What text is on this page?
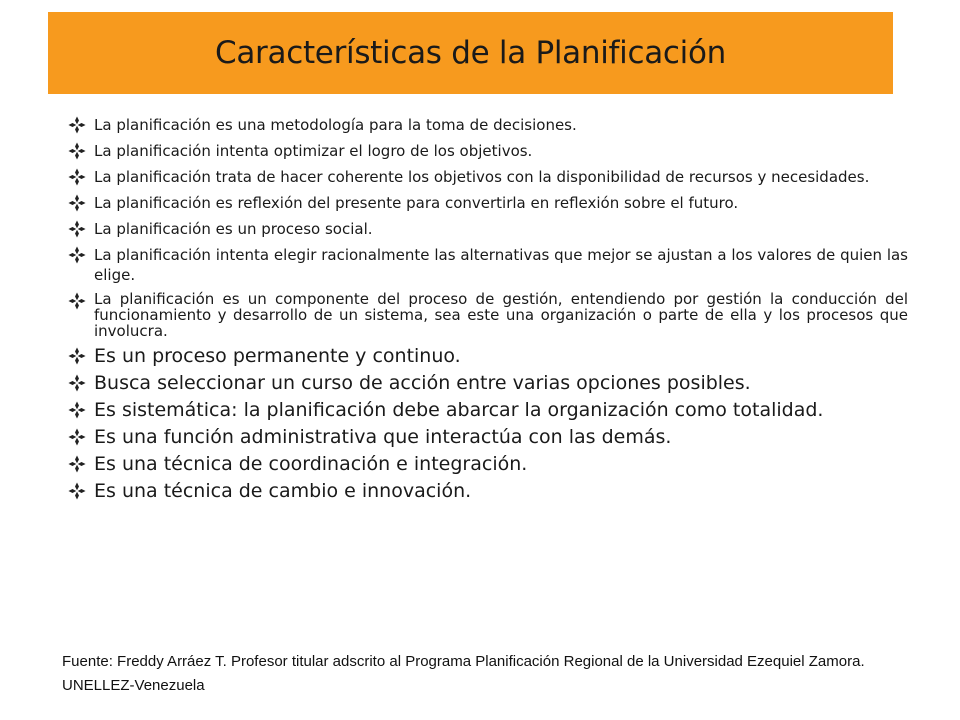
Características de la Planificación
La planificación es una metodología para la toma de decisiones.
La planificación intenta optimizar el logro de los objetivos.
La planificación trata de hacer coherente los objetivos con la disponibilidad de recursos y necesidades.
La planificación es reflexión del presente para convertirla en reflexión sobre el futuro.
La planificación es un proceso social.
La planificación intenta elegir racionalmente las alternativas que mejor se ajustan a los valores de quien las elige.
La planificación es un componente del proceso de gestión, entendiendo por gestión la conducción del funcionamiento y desarrollo de un sistema, sea este una organización o parte de ella y los procesos que involucra.
Es un proceso permanente y continuo.
Busca seleccionar un curso de acción entre varias opciones posibles.
Es sistemática: la planificación debe abarcar la organización como totalidad.
Es una función administrativa que interactúa con las demás.
Es una técnica de coordinación e integración.
Es una técnica de cambio e innovación.
Fuente: Freddy Arráez T. Profesor titular adscrito al Programa Planificación Regional de la Universidad Ezequiel Zamora. UNELLEZ-Venezuela
